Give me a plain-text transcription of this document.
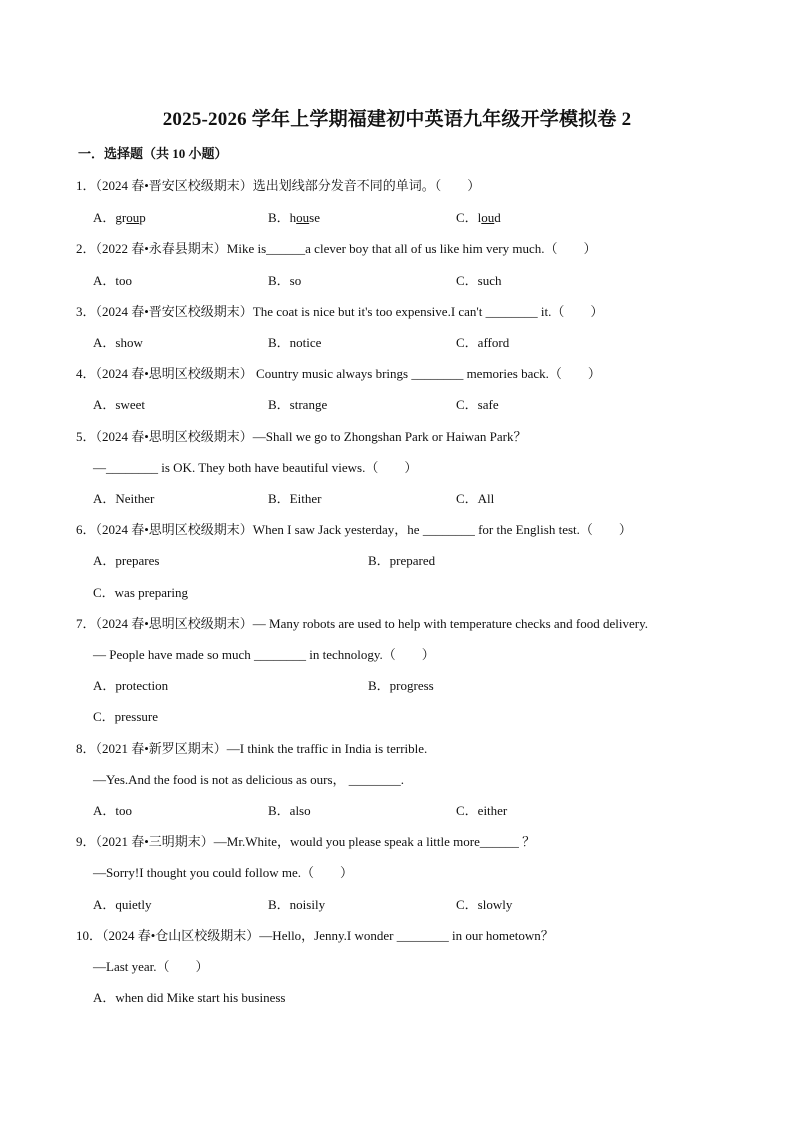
2025-2026 学年上学期福建初中英语九年级开学模拟卷 2
一．选择题（共 10 小题）
1．（2024 春•晋安区校级期末）选出划线部分发音不同的单词。（　　）
A．group	B．house	C．loud
2．（2022 春•永春县期末）Mike is______a clever boy that all of us like him very much.（　　）
A．too	B．so	C．such
3．（2024 春•晋安区校级期末）The coat is nice but it's too expensive.I can't ________ it.（　　）
A．show	B．notice	C．afford
4．（2024 春•思明区校级期末） Country music always brings ________ memories back.（　　）
A．sweet	B．strange	C．safe
5．（2024 春•思明区校级期末）—Shall we go to Zhongshan Park or Haiwan Park？
—________ is OK. They both have beautiful views.（　　）
A．Neither	B．Either	C．All
6．（2024 春•思明区校级期末）When I saw Jack yesterday，he ________ for the English test.（　　）
A．prepares	B．prepared
C．was preparing
7．（2024 春•思明区校级期末）— Many robots are used to help with temperature checks and food delivery.
— People have made so much ________ in technology.（　　）
A．protection	B．progress
C．pressure
8．（2021 春•新罗区期末）—I think the traffic in India is terrible.
—Yes.And the food is not as delicious as ours， ________.
A．too	B．also	C．either
9．（2021 春•三明期末）—Mr.White，would you please speak a little more______ ？
—Sorry!I thought you could follow me.（　　）
A．quietly	B．noisily	C．slowly
10．（2024 春•仓山区校级期末）—Hello，Jenny.I wonder ________ in our hometown？
—Last year.（　　）
A．when did Mike start his business
